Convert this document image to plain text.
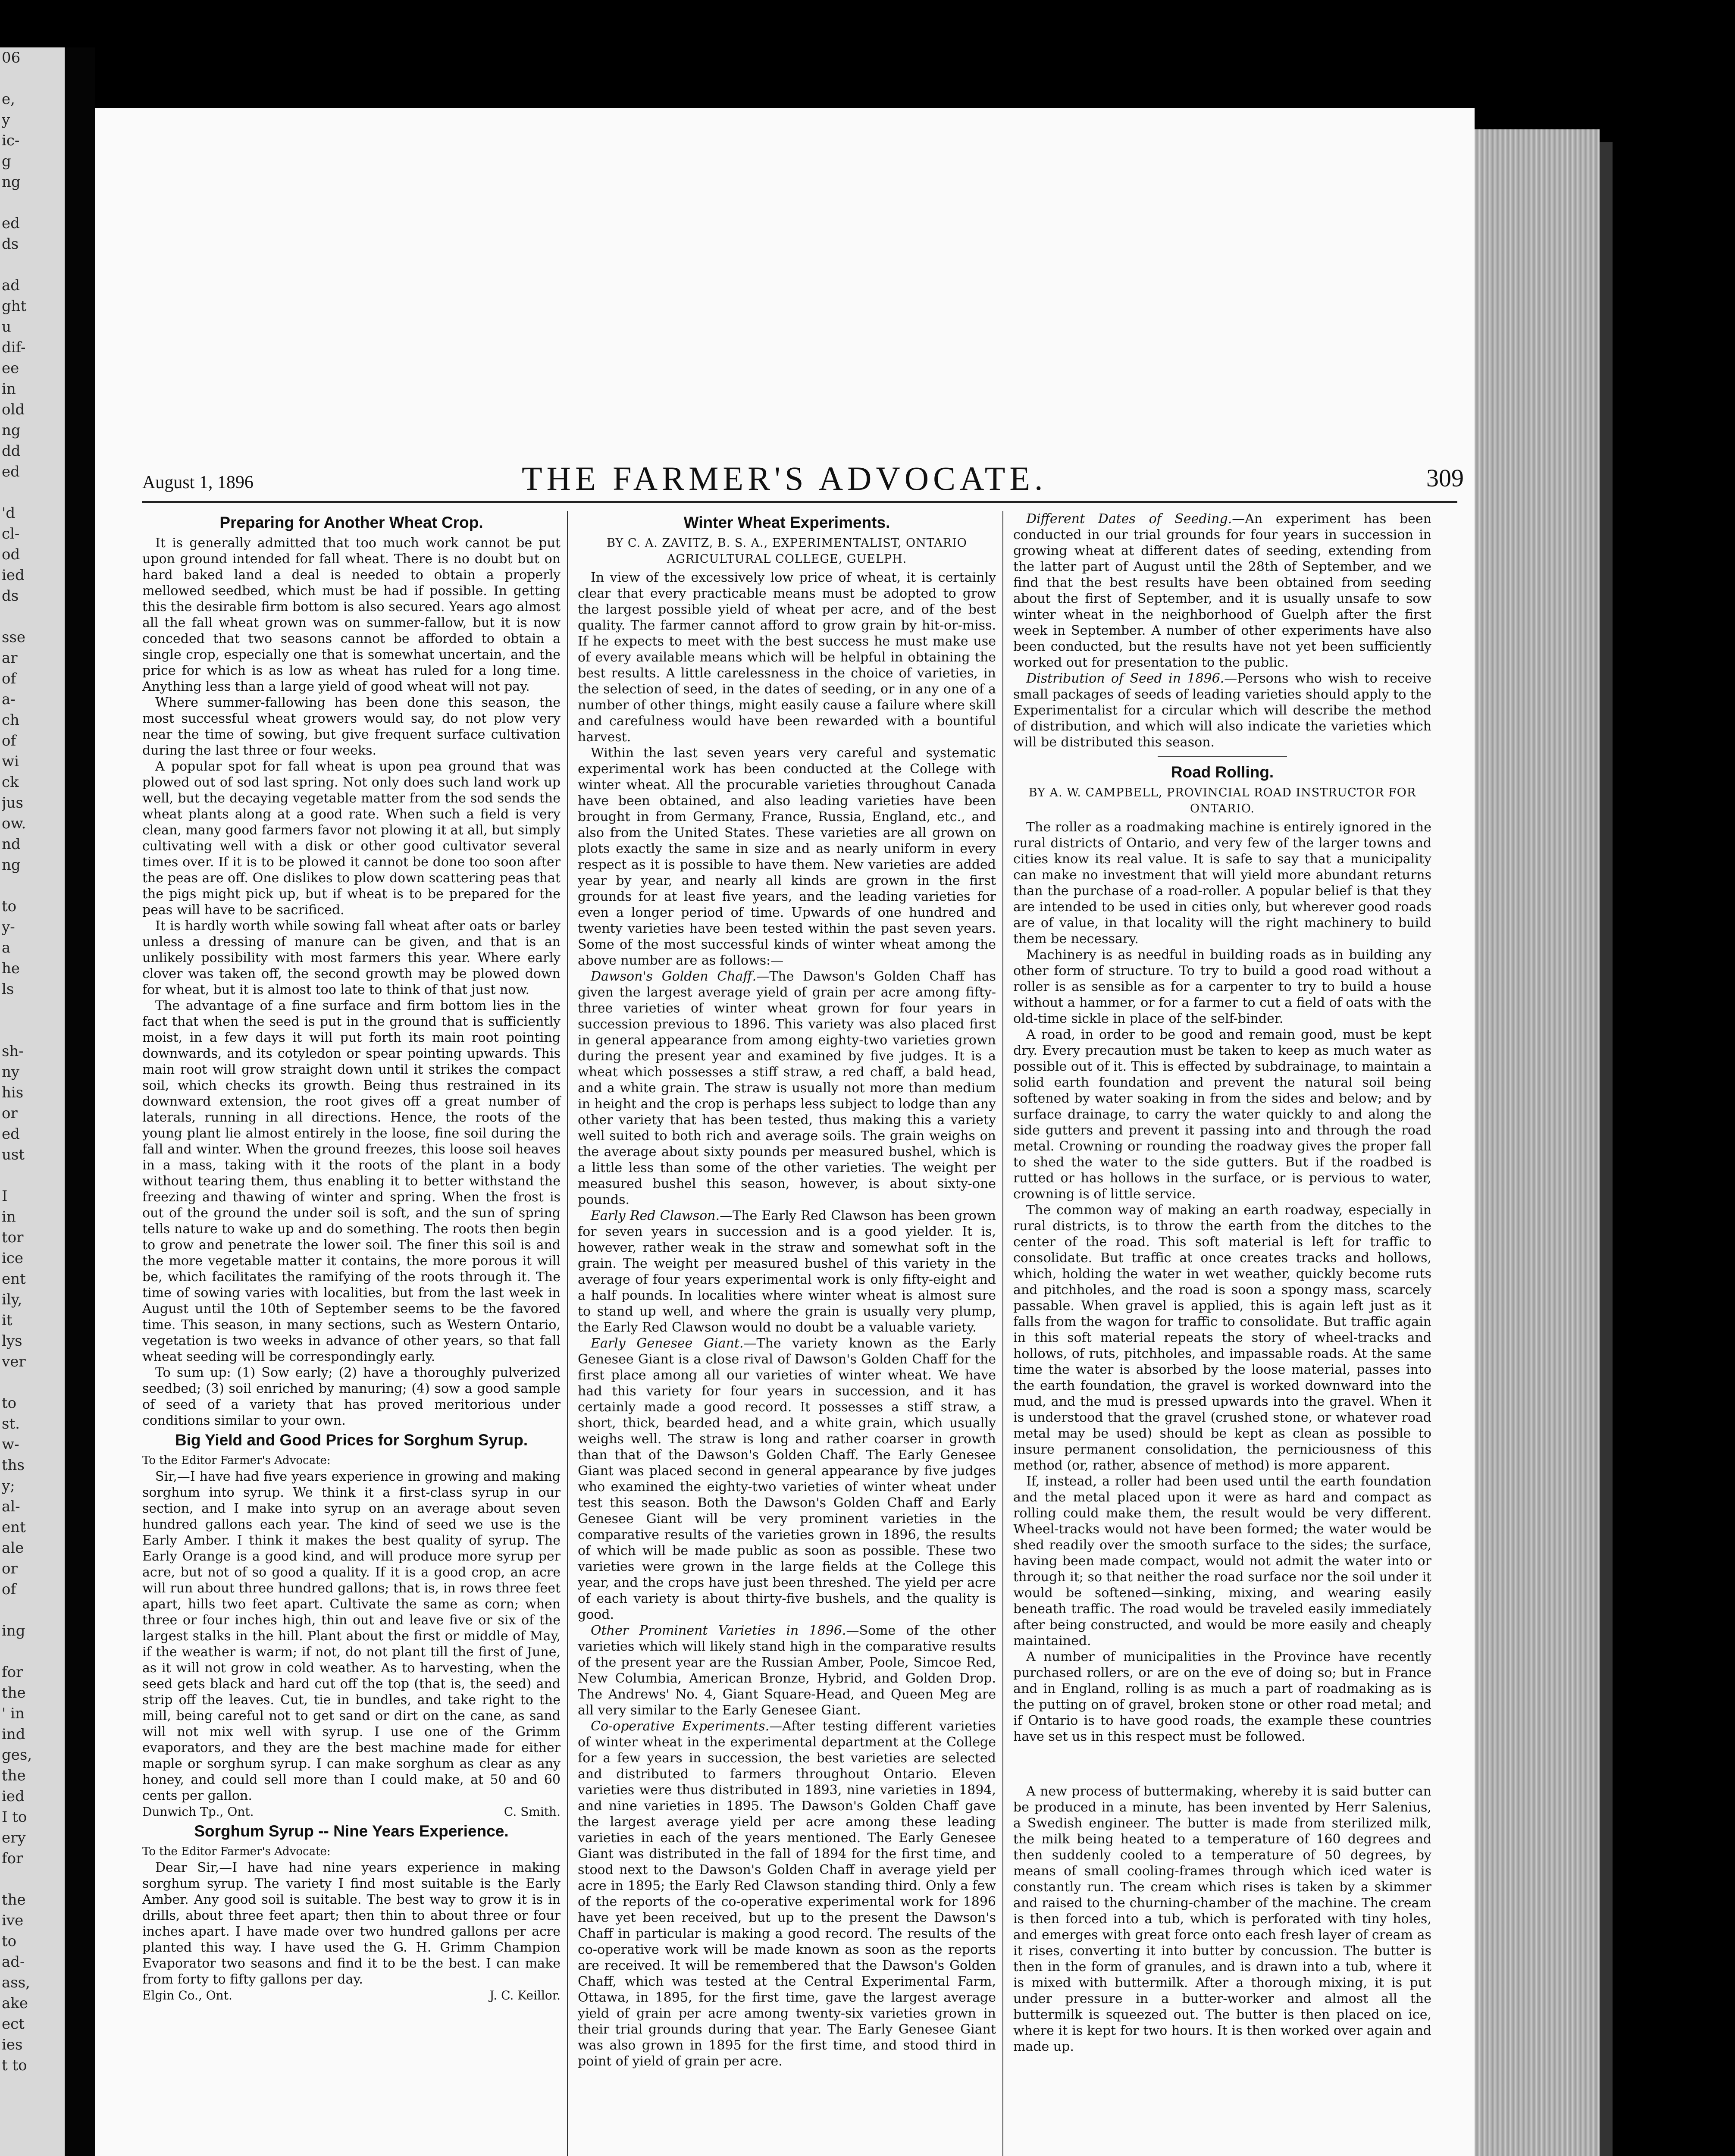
06

e,
y
ic-
g
ng

ed
ds

ad
ght
u
dif-
ee
in
old
ng
dd
ed

'd
cl-
od
ied
ds

sse
ar
of
a-
ch
of
wi
ck
jus
ow.
nd
ng

to
y-
a
he
ls

sh-
ny
his
or
ed
ust

I
in
tor
ice
ent
ily,
it
lys
ver

to
st.
w-
ths
y;
al-
ent
ale
or
of

ing

for
the
' in
ind
ges,
the
ied
I to
ery
for

the
ive
to
ad-
ass,
ake
ect
ies
t to
August 1, 1896	THE FARMER'S ADVOCATE.	309
Preparing for Another Wheat Crop.

It is generally admitted that too much work cannot be put upon ground intended for fall wheat. There is no doubt but on hard baked land a deal is needed to obtain a properly mellowed seedbed, which must be had if possible. In getting this the desirable firm bottom is also secured. Years ago almost all the fall wheat grown was on summer-fallow, but it is now conceded that two seasons cannot be afforded to obtain a single crop, especially one that is somewhat uncertain, and the price for which is as low as wheat has ruled for a long time. Anything less than a large yield of good wheat will not pay.

Where summer-fallowing has been done this season, the most successful wheat growers would say, do not plow very near the time of sowing, but give frequent surface cultivation during the last three or four weeks.

A popular spot for fall wheat is upon pea ground that was plowed out of sod last spring. Not only does such land work up well, but the decaying vegetable matter from the sod sends the wheat plants along at a good rate. When such a field is very clean, many good farmers favor not plowing it at all, but simply cultivating well with a disk or other good cultivator several times over. If it is to be plowed it cannot be done too soon after the peas are off. One dislikes to plow down scattering peas that the pigs might pick up, but if wheat is to be prepared for the peas will have to be sacrificed.

It is hardly worth while sowing fall wheat after oats or barley unless a dressing of manure can be given, and that is an unlikely possibility with most farmers this year. Where early clover was taken off, the second growth may be plowed down for wheat, but it is almost too late to think of that just now.

The advantage of a fine surface and firm bottom lies in the fact that when the seed is put in the ground that is sufficiently moist, in a few days it will put forth its main root pointing downwards, and its cotyledon or spear pointing upwards. This main root will grow straight down until it strikes the compact soil, which checks its growth. Being thus restrained in its downward extension, the root gives off a great number of laterals, running in all directions. Hence, the roots of the young plant lie almost entirely in the loose, fine soil during the fall and winter. When the ground freezes, this loose soil heaves in a mass, taking with it the roots of the plant in a body without tearing them, thus enabling it to better withstand the freezing and thawing of winter and spring. When the frost is out of the ground the under soil is soft, and the sun of spring tells nature to wake up and do something. The roots then begin to grow and penetrate the lower soil. The finer this soil is and the more vegetable matter it contains, the more porous it will be, which facilitates the ramifying of the roots through it. The time of sowing varies with localities, but from the last week in August until the 10th of September seems to be the favored time. This season, in many sections, such as Western Ontario, vegetation is two weeks in advance of other years, so that fall wheat seeding will be correspondingly early.

To sum up: (1) Sow early; (2) have a thoroughly pulverized seedbed; (3) soil enriched by manuring; (4) sow a good sample of seed of a variety that has proved meritorious under conditions similar to your own.

Big Yield and Good Prices for Sorghum Syrup.

To the Editor Farmer's Advocate:

Sir,—I have had five years experience in growing and making sorghum into syrup. We think it a first-class syrup in our section, and I make into syrup on an average about seven hundred gallons each year. The kind of seed we use is the Early Amber. I think it makes the best quality of syrup. The Early Orange is a good kind, and will produce more syrup per acre, but not of so good a quality. If it is a good crop, an acre will run about three hundred gallons; that is, in rows three feet apart, hills two feet apart. Cultivate the same as corn; when three or four inches high, thin out and leave five or six of the largest stalks in the hill. Plant about the first or middle of May, if the weather is warm; if not, do not plant till the first of June, as it will not grow in cold weather. As to harvesting, when the seed gets black and hard cut off the top (that is, the seed) and strip off the leaves. Cut, tie in bundles, and take right to the mill, being careful not to get sand or dirt on the cane, as sand will not mix well with syrup. I use one of the Grimm evaporators, and they are the best machine made for either maple or sorghum syrup. I can make sorghum as clear as any honey, and could sell more than I could make, at 50 and 60 cents per gallon.

Dunwich Tp., Ont.	C. Smith.

Sorghum Syrup -- Nine Years Experience.

To the Editor Farmer's Advocate:

Dear Sir,—I have had nine years experience in making sorghum syrup. The variety I find most suitable is the Early Amber. Any good soil is suitable. The best way to grow it is in drills, about three feet apart; then thin to about three or four inches apart. I have made over two hundred gallons per acre planted this way. I have used the G. H. Grimm Champion Evaporator two seasons and find it to be the best. I can make from forty to fifty gallons per day.

Elgin Co., Ont.	J. C. Keillor.

Winter Wheat Experiments.

BY C. A. ZAVITZ, B. S. A., EXPERIMENTALIST, ONTARIO AGRICULTURAL COLLEGE, GUELPH.

In view of the excessively low price of wheat, it is certainly clear that every practicable means must be adopted to grow the largest possible yield of wheat per acre, and of the best quality. The farmer cannot afford to grow grain by hit-or-miss. If he expects to meet with the best success he must make use of every available means which will be helpful in obtaining the best results. A little carelessness in the choice of varieties, in the selection of seed, in the dates of seeding, or in any one of a number of other things, might easily cause a failure where skill and carefulness would have been rewarded with a bountiful harvest.

Within the last seven years very careful and systematic experimental work has been conducted at the College with winter wheat. All the procurable varieties throughout Canada have been obtained, and also leading varieties have been brought in from Germany, France, Russia, England, etc., and also from the United States. These varieties are all grown on plots exactly the same in size and as nearly uniform in every respect as it is possible to have them. New varieties are added year by year, and nearly all kinds are grown in the first grounds for at least five years, and the leading varieties for even a longer period of time. Upwards of one hundred and twenty varieties have been tested within the past seven years. Some of the most successful kinds of winter wheat among the above number are as follows:—

Dawson's Golden Chaff.—The Dawson's Golden Chaff has given the largest average yield of grain per acre among fifty-three varieties of winter wheat grown for four years in succession previous to 1896. This variety was also placed first in general appearance from among eighty-two varieties grown during the present year and examined by five judges. It is a wheat which possesses a stiff straw, a red chaff, a bald head, and a white grain. The straw is usually not more than medium in height and the crop is perhaps less subject to lodge than any other variety that has been tested, thus making this a variety well suited to both rich and average soils. The grain weighs on the average about sixty pounds per measured bushel, which is a little less than some of the other varieties. The weight per measured bushel this season, however, is about sixty-one pounds.

Early Red Clawson.—The Early Red Clawson has been grown for seven years in succession and is a good yielder. It is, however, rather weak in the straw and somewhat soft in the grain. The weight per measured bushel of this variety in the average of four years experimental work is only fifty-eight and a half pounds. In localities where winter wheat is almost sure to stand up well, and where the grain is usually very plump, the Early Red Clawson would no doubt be a valuable variety.

Early Genesee Giant.—The variety known as the Early Genesee Giant is a close rival of Dawson's Golden Chaff for the first place among all our varieties of winter wheat. We have had this variety for four years in succession, and it has certainly made a good record. It possesses a stiff straw, a short, thick, bearded head, and a white grain, which usually weighs well. The straw is long and rather coarser in growth than that of the Dawson's Golden Chaff. The Early Genesee Giant was placed second in general appearance by five judges who examined the eighty-two varieties of winter wheat under test this season. Both the Dawson's Golden Chaff and Early Genesee Giant will be very prominent varieties in the comparative results of the varieties grown in 1896, the results of which will be made public as soon as possible. These two varieties were grown in the large fields at the College this year, and the crops have just been threshed. The yield per acre of each variety is about thirty-five bushels, and the quality is good.

Other Prominent Varieties in 1896.—Some of the other varieties which will likely stand high in the comparative results of the present year are the Russian Amber, Poole, Simcoe Red, New Columbia, American Bronze, Hybrid, and Golden Drop. The Andrews' No. 4, Giant Square-Head, and Queen Meg are all very similar to the Early Genesee Giant.

Co-operative Experiments.—After testing different varieties of winter wheat in the experimental department at the College for a few years in succession, the best varieties are selected and distributed to farmers throughout Ontario. Eleven varieties were thus distributed in 1893, nine varieties in 1894, and nine varieties in 1895. The Dawson's Golden Chaff gave the largest average yield per acre among these leading varieties in each of the years mentioned. The Early Genesee Giant was distributed in the fall of 1894 for the first time, and stood next to the Dawson's Golden Chaff in average yield per acre in 1895; the Early Red Clawson standing third. Only a few of the reports of the co-operative experimental work for 1896 have yet been received, but up to the present the Dawson's Chaff in particular is making a good record. The results of the co-operative work will be made known as soon as the reports are received. It will be remembered that the Dawson's Golden Chaff, which was tested at the Central Experimental Farm, Ottawa, in 1895, for the first time, gave the largest average yield of grain per acre among twenty-six varieties grown in their trial grounds during that year. The Early Genesee Giant was also grown in 1895 for the first time, and stood third in point of yield of grain per acre.

Different Dates of Seeding.—An experiment has been conducted in our trial grounds for four years in succession in growing wheat at different dates of seeding, extending from the latter part of August until the 28th of September, and we find that the best results have been obtained from seeding about the first of September, and it is usually unsafe to sow winter wheat in the neighborhood of Guelph after the first week in September. A number of other experiments have also been conducted, but the results have not yet been sufficiently worked out for presentation to the public.

Distribution of Seed in 1896.—Persons who wish to receive small packages of seeds of leading varieties should apply to the Experimentalist for a circular which will describe the method of distribution, and which will also indicate the varieties which will be distributed this season.

Road Rolling.

BY A. W. CAMPBELL, PROVINCIAL ROAD INSTRUCTOR FOR ONTARIO.

The roller as a roadmaking machine is entirely ignored in the rural districts of Ontario, and very few of the larger towns and cities know its real value. It is safe to say that a municipality can make no investment that will yield more abundant returns than the purchase of a road-roller. A popular belief is that they are intended to be used in cities only, but wherever good roads are of value, in that locality will the right machinery to build them be necessary.

Machinery is as needful in building roads as in building any other form of structure. To try to build a good road without a roller is as sensible as for a carpenter to try to build a house without a hammer, or for a farmer to cut a field of oats with the old-time sickle in place of the self-binder.

A road, in order to be good and remain good, must be kept dry. Every precaution must be taken to keep as much water as possible out of it. This is effected by subdrainage, to maintain a solid earth foundation and prevent the natural soil being softened by water soaking in from the sides and below; and by surface drainage, to carry the water quickly to and along the side gutters and prevent it passing into and through the road metal. Crowning or rounding the roadway gives the proper fall to shed the water to the side gutters. But if the roadbed is rutted or has hollows in the surface, or is pervious to water, crowning is of little service.

The common way of making an earth roadway, especially in rural districts, is to throw the earth from the ditches to the center of the road. This soft material is left for traffic to consolidate. But traffic at once creates tracks and hollows, which, holding the water in wet weather, quickly become ruts and pitchholes, and the road is soon a spongy mass, scarcely passable. When gravel is applied, this is again left just as it falls from the wagon for traffic to consolidate. But traffic again in this soft material repeats the story of wheel-tracks and hollows, of ruts, pitchholes, and impassable roads. At the same time the water is absorbed by the loose material, passes into the earth foundation, the gravel is worked downward into the mud, and the mud is pressed upwards into the gravel. When it is understood that the gravel (crushed stone, or whatever road metal may be used) should be kept as clean as possible to insure permanent consolidation, the perniciousness of this method (or, rather, absence of method) is more apparent.

If, instead, a roller had been used until the earth foundation and the metal placed upon it were as hard and compact as rolling could make them, the result would be very different. Wheel-tracks would not have been formed; the water would be shed readily over the smooth surface to the sides; the surface, having been made compact, would not admit the water into or through it; so that neither the road surface nor the soil under it would be softened—sinking, mixing, and wearing easily beneath traffic. The road would be traveled easily immediately after being constructed, and would be more easily and cheaply maintained.

A number of municipalities in the Province have recently purchased rollers, or are on the eve of doing so; but in France and in England, rolling is as much a part of roadmaking as is the putting on of gravel, broken stone or other road metal; and if Ontario is to have good roads, the example these countries have set us in this respect must be followed.

A new process of buttermaking, whereby it is said butter can be produced in a minute, has been invented by Herr Salenius, a Swedish engineer. The butter is made from sterilized milk, the milk being heated to a temperature of 160 degrees and then suddenly cooled to a temperature of 50 degrees, by means of small cooling-frames through which iced water is constantly run. The cream which rises is taken by a skimmer and raised to the churning-chamber of the machine. The cream is then forced into a tub, which is perforated with tiny holes, and emerges with great force onto each fresh layer of cream as it rises, converting it into butter by concussion. The butter is then in the form of granules, and is drawn into a tub, where it is mixed with buttermilk. After a thorough mixing, it is put under pressure in a butter-worker and almost all the buttermilk is squeezed out. The butter is then placed on ice, where it is kept for two hours. It is then worked over again and made up.
